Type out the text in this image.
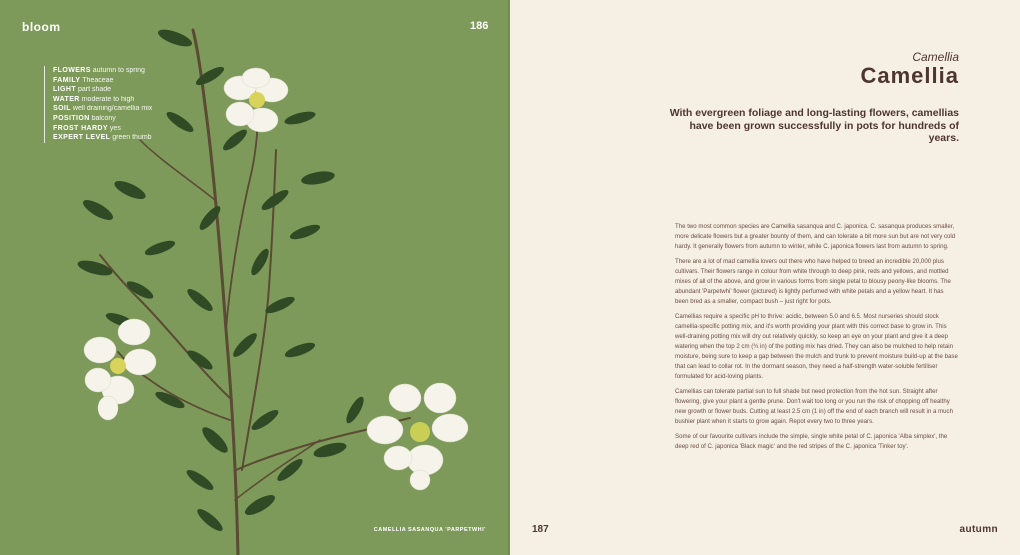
bloom	186
FLOWERS autumn to spring
FAMILY Theaceae
LIGHT part shade
WATER moderate to high
SOIL well draining/camellia mix
POSITION balcony
FROST HARDY yes
EXPERT LEVEL green thumb
CAMELLIA SASANQUA 'PARPETWHI'
Camellia
Camellia
With evergreen foliage and long-lasting flowers, camellias have been grown successfully in pots for hundreds of years.

The two most common species are Camellia sasanqua and C. japonica. C. sasanqua produces smaller, more delicate flowers but a greater bounty of them, and can tolerate a bit more sun but are not very cold hardy. It generally flowers from autumn to winter, while C. japonica flowers last from autumn to spring.

There are a lot of mad camellia lovers out there who have helped to breed an incredible 20,000 plus cultivars. Their flowers range in colour from white through to deep pink, reds and yellows, and mottled mixes of all of the above, and grow in various forms from single petal to blousy peony-like blooms. The abundant 'Parpetwhi' flower (pictured) is lightly perfumed with white petals and a yellow heart. It has been bred as a smaller, compact bush – just right for pots.

Camellias require a specific pH to thrive: acidic, between 5.0 and 6.5. Most nurseries should stock camellia-specific potting mix, and it's worth providing your plant with this correct base to grow in. This well-draining potting mix will dry out relatively quickly, so keep an eye on your plant and give it a deep watering when the top 2 cm (¾ in) of the potting mix has dried. They can also be mulched to help retain moisture, being sure to keep a gap between the mulch and trunk to prevent moisture build-up at the base that can lead to collar rot. In the dormant season, they need a half-strength water-soluble fertiliser formulated for acid-loving plants.

Camellias can tolerate partial sun to full shade but need protection from the hot sun. Straight after flowering, give your plant a gentle prune. Don't wait too long or you run the risk of chopping off healthy new growth or flower buds. Cutting at least 2.5 cm (1 in) off the end of each branch will result in a much bushier plant when it starts to grow again. Repot every two to three years.

Some of our favourite cultivars include the simple, single white petal of C. japonica 'Alba simplex', the deep red of C. japonica 'Black magic' and the red stripes of the C. japonica 'Tinker toy'.

187	autumn
